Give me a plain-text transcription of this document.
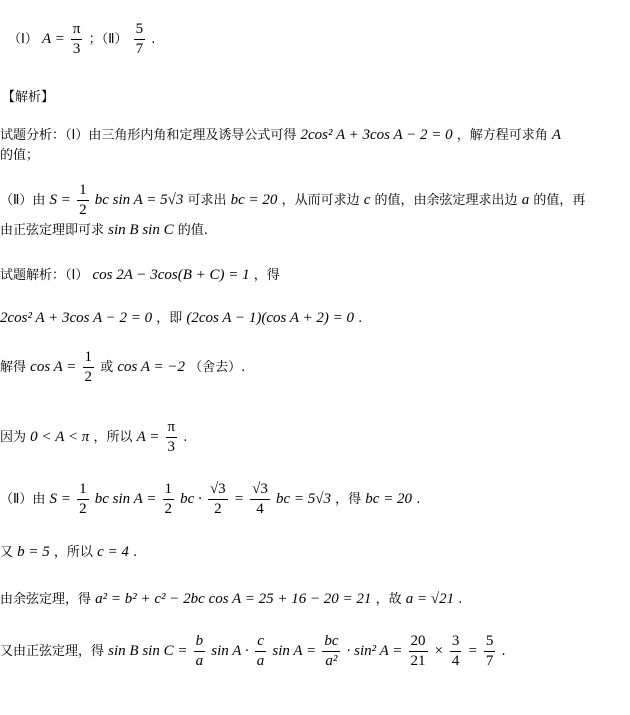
（Ⅰ） $A = \frac{\pi}{3}$ ；（Ⅱ） $\frac{5}{7}$ .
【解析】
试题分析：（Ⅰ）由三角形内角和定理及诱导公式可得 2cos² A + 3cos A − 2 = 0 ，解方程可求角 A
的值；
（Ⅱ）由 $S = \frac{1}{2}$ bc sin A = 5√3 可求出 bc = 20 ，从而可求边 c 的值，由余弦定理求出边 a 的值，再
由正弦定理即可求 sin B sin C 的值.
试题解析：（Ⅰ） cos 2A − 3cos(B + C) = 1 ，得
2cos² A + 3cos A − 2 = 0 ，即 (2cos A − 1)(cos A + 2) = 0 .
解得 $\cos A = \frac{1}{2}$ 或 cos A = −2 （舍去）.
因为 0 < A < π ，所以 $A = \frac{\pi}{3}$ .
（Ⅱ）由 $S = \frac{1}{2}$ bc $\sin A = \frac{1}{2}$ bc · $\frac{√3}{2} = \frac{√3}{4}$ bc = 5√3 ，得 bc = 20 .
又 b = 5 ，所以 c = 4 .
由余弦定理，得 a² = b² + c² − 2bc cos A = 25 + 16 − 20 = 21 ，故 a = √21 .
又由正弦定理，得 sin B $\sin C = \frac{b}{a}$ $\sin A \cdot \frac{c}{a}$ $\sin A = \frac{bc}{\text{a²}} \cdot \sin^2$ $A = \frac{20}{21} \times \frac{3}{4} = \frac{5}{7}$ .
